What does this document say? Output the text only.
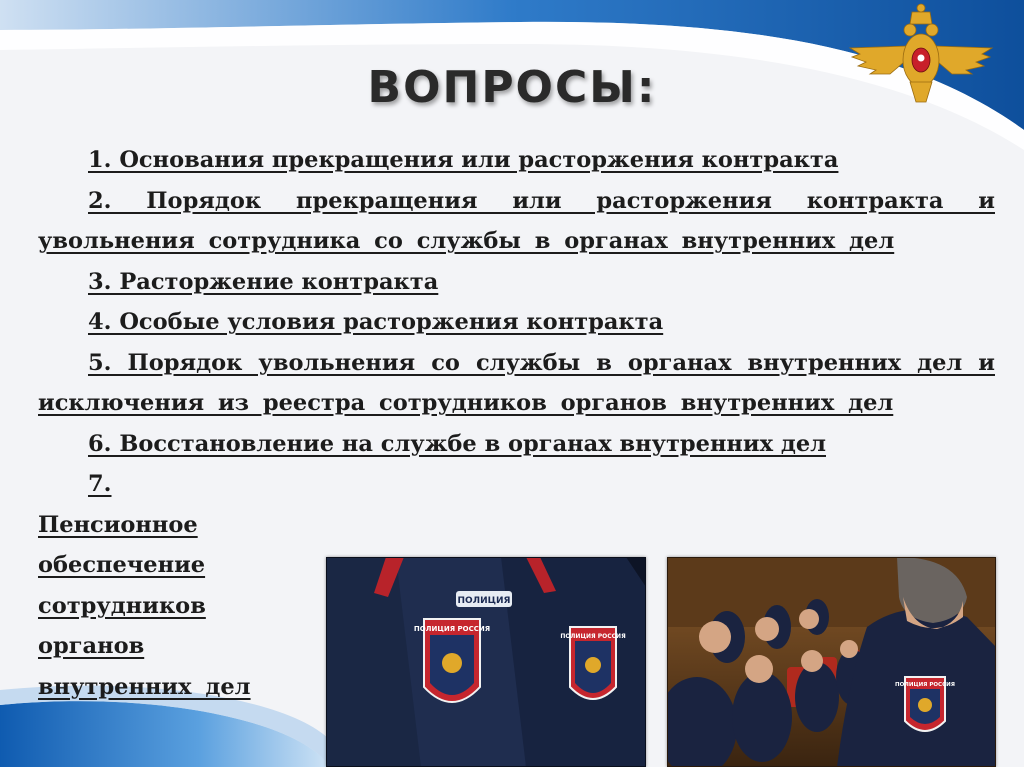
ВОПРОСЫ:

1. Основания прекращения или расторжения контракта

2. Порядок прекращения или расторжения контракта и увольнения сотрудника со службы в органах внутренних дел

3. Расторжение контракта

4. Особые условия расторжения контракта

5. Порядок увольнения со службы в органах внутренних дел и исключения из реестра сотрудников органов внутренних дел

6. Восстановление на службе в органах внутренних дел

7. Пенсионное обеспечение сотрудников органов внутренних дел

ПОЛИЦИЯ
ПОЛИЦИЯ РОССИЯ
ПОЛИЦИЯ РОССИЯ
ПОЛИЦИЯ РОССИЯ
